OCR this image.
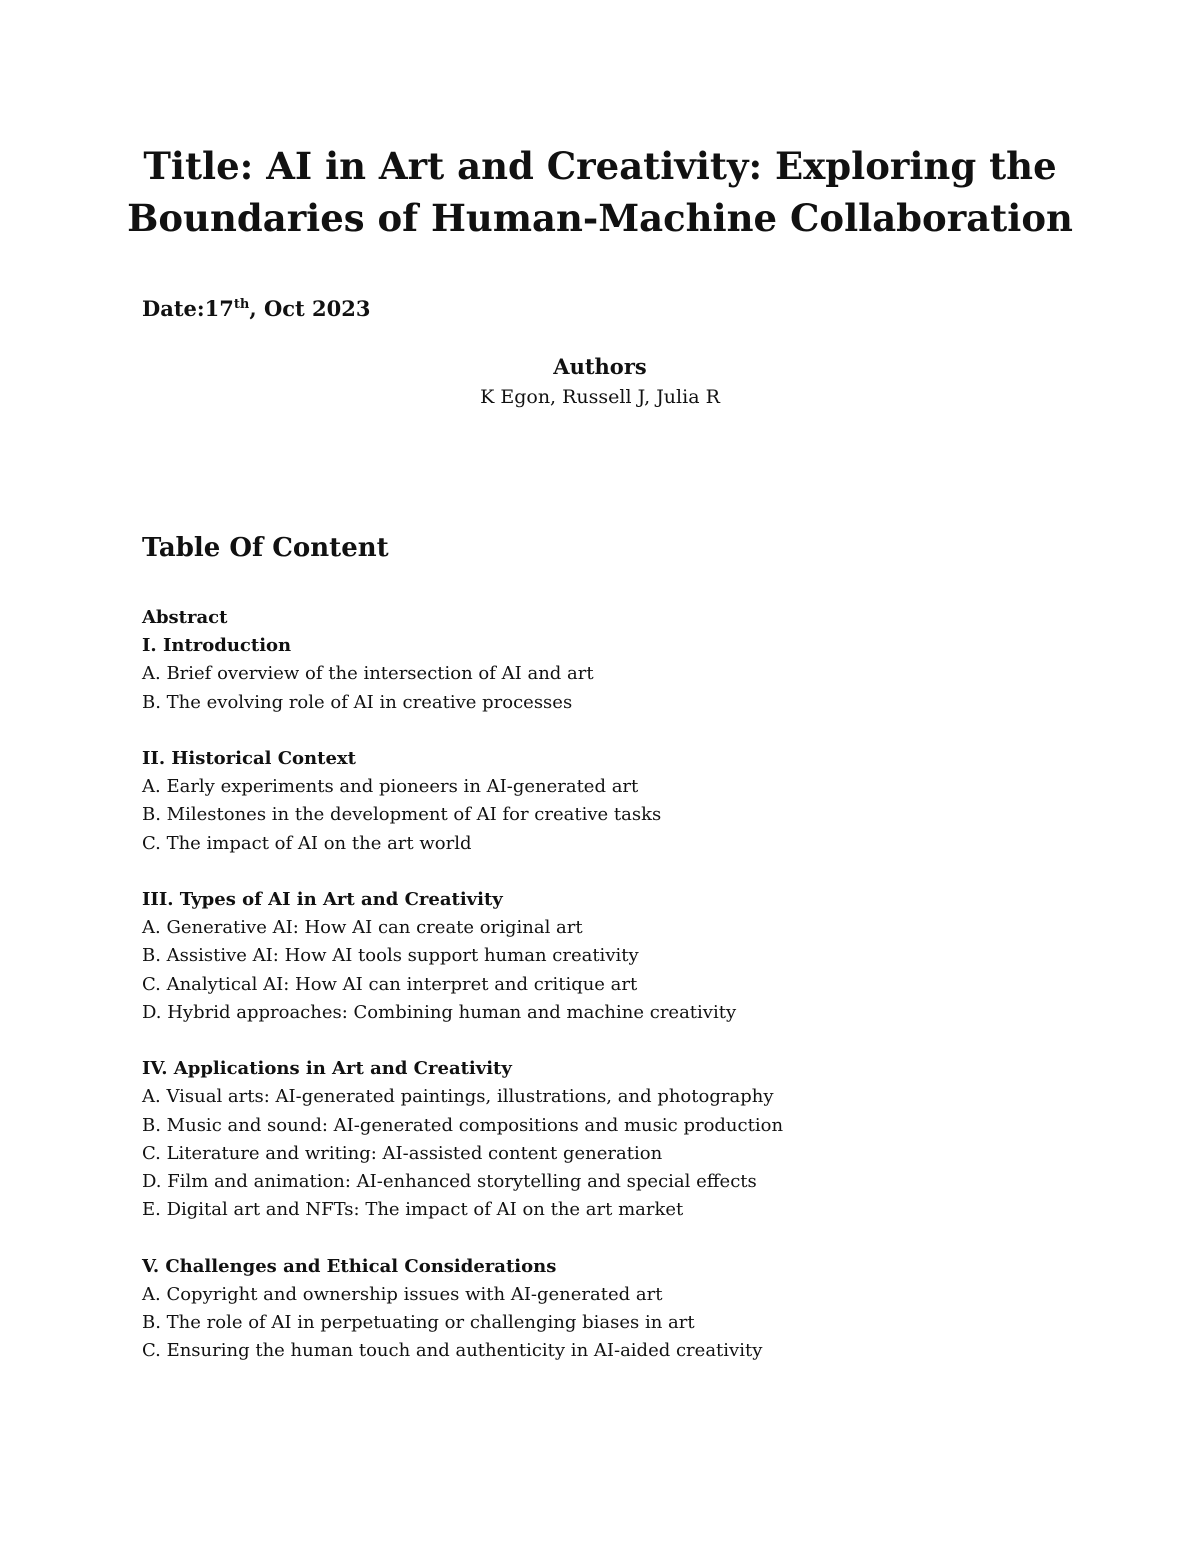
Title: AI in Art and Creativity: Exploring the Boundaries of Human-Machine Collaboration

Date:17th, Oct 2023

Authors

K Egon, Russell J, Julia R

Table Of Content

Abstract

I. Introduction

A. Brief overview of the intersection of AI and art

B. The evolving role of AI in creative processes

II. Historical Context

A. Early experiments and pioneers in AI-generated art

B. Milestones in the development of AI for creative tasks

C. The impact of AI on the art world

III. Types of AI in Art and Creativity

A. Generative AI: How AI can create original art

B. Assistive AI: How AI tools support human creativity

C. Analytical AI: How AI can interpret and critique art

D. Hybrid approaches: Combining human and machine creativity

IV. Applications in Art and Creativity

A. Visual arts: AI-generated paintings, illustrations, and photography

B. Music and sound: AI-generated compositions and music production

C. Literature and writing: AI-assisted content generation

D. Film and animation: AI-enhanced storytelling and special effects

E. Digital art and NFTs: The impact of AI on the art market

V. Challenges and Ethical Considerations

A. Copyright and ownership issues with AI-generated art

B. The role of AI in perpetuating or challenging biases in art

C. Ensuring the human touch and authenticity in AI-aided creativity
